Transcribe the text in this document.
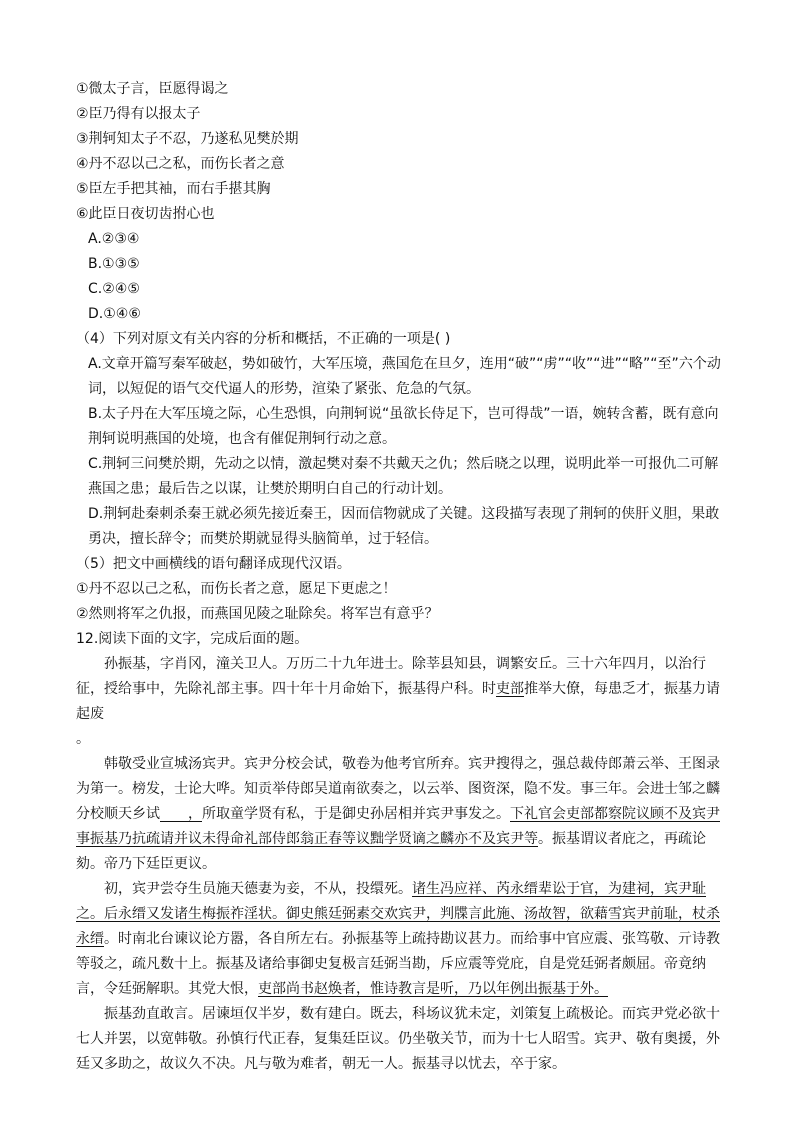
①微太子言，臣愿得谒之
②臣乃得有以报太子
③荆轲知太子不忍，乃遂私见樊於期
④丹不忍以己之私，而伤长者之意
⑤臣左手把其袖，而右手揕其胸
⑥此臣日夜切齿拊心也
A.②③④
B.①③⑤
C.②④⑤
D.①④⑥
（4）下列对原文有关内容的分析和概括，不正确的一项是( )
A.文章开篇写秦军破赵，势如破竹，大军压境，燕国危在旦夕，连用“破”“虏”“收”“进”“略”“至”六个动词，以短促的语气交代逼人的形势，渲染了紧张、危急的气氛。
B.太子丹在大军压境之际，心生恐惧，向荆轲说“虽欲长侍足下，岂可得哉”一语，婉转含蓄，既有意向荆轲说明燕国的处境，也含有催促荆轲行动之意。
C.荆轲三问樊於期，先动之以情，激起樊对秦不共戴天之仇；然后晓之以理，说明此举一可报仇二可解燕国之患；最后告之以谋，让樊於期明白自己的行动计划。
D.荆轲赴秦刺杀秦王就必须先接近秦王，因而信物就成了关键。这段描写表现了荆轲的侠肝义胆，果敢勇决，擅长辞令；而樊於期就显得头脑简单，过于轻信。
（5）把文中画横线的语句翻译成现代汉语。
①丹不忍以己之私，而伤长者之意，愿足下更虑之！
②然则将军之仇报，而燕国见陵之耻除矣。将军岂有意乎？
12.阅读下面的文字，完成后面的题。
孙振基，字肖冈，潼关卫人。万历二十九年进士。除莘县知县，调繁安丘。三十六年四月，以治行征，授给事中，先除礼部主事。四十年十月命始下，振基得户科。时吏部推举大僚，每患乏才，振基力请起废
。
韩敬受业宣城汤宾尹。宾尹分校会试，敬卷为他考官所弃。宾尹搜得之，强总裁侍郎萧云举、王图录为第一。榜发，士论大哗。知贡举侍郎吴道南欲奏之，以云举、图资深，隐不发。事三年。会进士邹之麟分校顺天乡试　　，所取童学贤有私，于是御史孙居相并宾尹事发之。下礼官会吏部都察院议顾不及宾尹事振基乃抗疏请并议未得命礼部侍郎翁正春等议黜学贤谪之麟亦不及宾尹等。振基谓议者庇之，再疏论劾。帝乃下廷臣更议。
初，宾尹尝夺生员施天德妻为妾，不从，投缳死。诸生冯应祥、芮永缙辈讼于官，为建祠，宾尹耻之。后永缙又发诸生梅振祚淫状。御史熊廷弼素交欢宾尹，判牒言此施、汤故智，欲藉雪宾尹前耻，杖杀永缙。时南北台谏议论方嚣，各自所左右。孙振基等上疏持勘议甚力。而给事中官应震、张笃敬、亓诗教等驳之，疏凡数十上。振基及诸给事御史复极言廷弼当勘，斥应震等党庇，自是党廷弼者颇屈。帝竟纳言，令廷弼解职。其党大恨，吏部尚书赵焕者，惟诗教言是听，乃以年例出振基于外。
振基劲直敢言。居谏垣仅半岁，数有建白。既去，科场议犹未定，刘策复上疏极论。而宾尹党必欲十七人并罢，以宽韩敬。孙慎行代正春，复集廷臣议。仍坐敬关节，而为十七人昭雪。宾尹、敬有奥援，外廷又多助之，故议久不决。凡与敬为难者，朝无一人。振基寻以忧去，卒于家。
